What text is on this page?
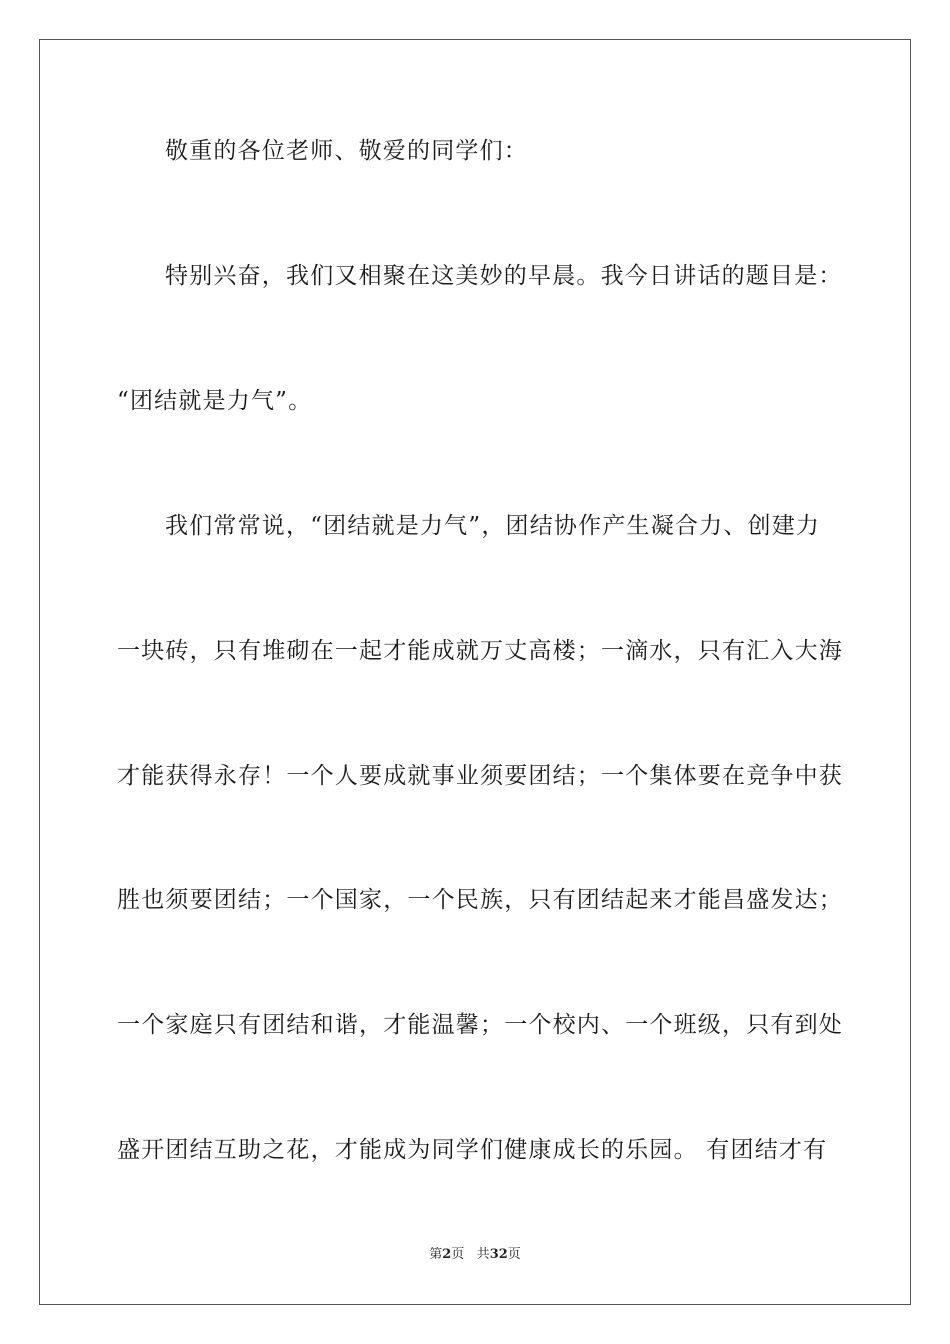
敬重的各位老师、敬爱的同学们：
特别兴奋，我们又相聚在这美妙的早晨。我今日讲话的题目是：
“团结就是力气”。
我们常常说，“团结就是力气”，团结协作产生凝合力、创建力
一块砖，只有堆砌在一起才能成就万丈高楼；一滴水，只有汇入大海
才能获得永存！一个人要成就事业须要团结；一个集体要在竞争中获
胜也须要团结；一个国家，一个民族，只有团结起来才能昌盛发达；
一个家庭只有团结和谐，才能温馨；一个校内、一个班级，只有到处
盛开团结互助之花，才能成为同学们健康成长的乐园。 有团结才有
第2页 共32页
